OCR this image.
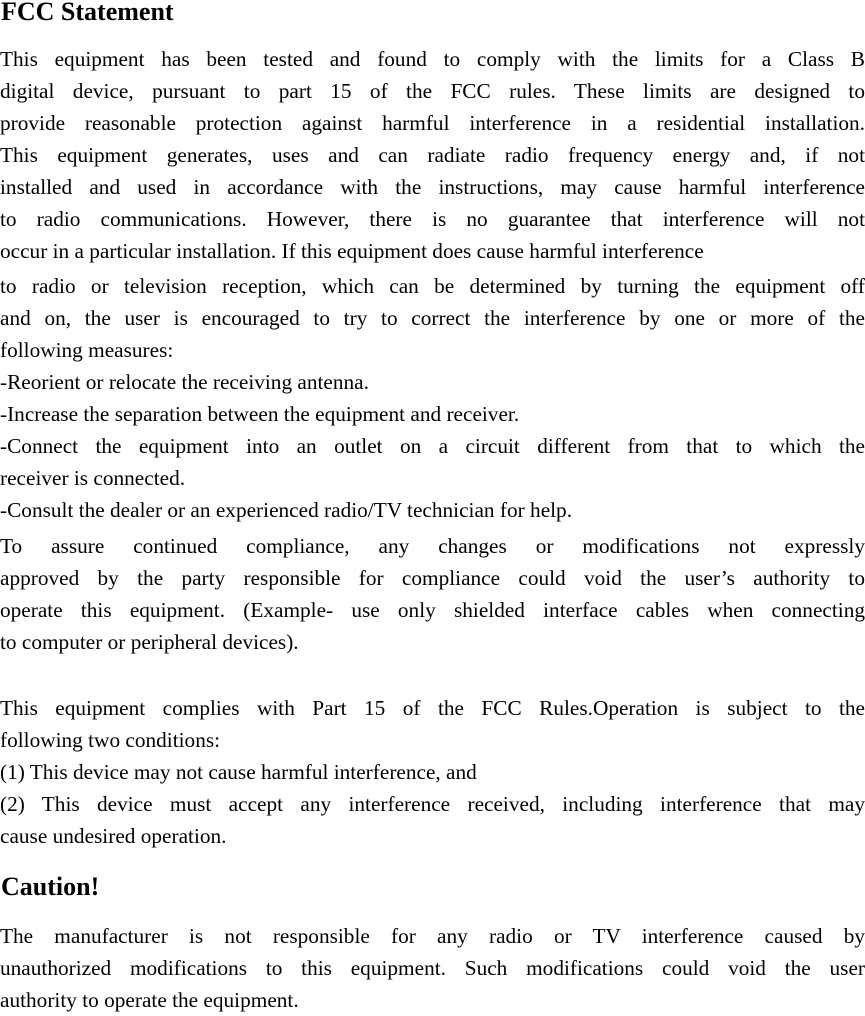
FCC Statement
This equipment has been tested and found to comply with the limits for a Class B
digital device, pursuant to part 15 of the FCC rules. These limits are designed to
provide reasonable protection against harmful interference in a residential installation.
This equipment generates, uses and can radiate radio frequency energy and, if not
installed and used in accordance with the instructions, may cause harmful interference
to radio communications. However, there is no guarantee that interference will not
occur in a particular installation. If this equipment does cause harmful interference
to radio or television reception, which can be determined by turning the equipment off
and on, the user is encouraged to try to correct the interference by one or more of the
following measures:
-Reorient or relocate the receiving antenna.
-Increase the separation between the equipment and receiver.
-Connect the equipment into an outlet on a circuit different from that to which the
receiver is connected.
-Consult the dealer or an experienced radio/TV technician for help.
To assure continued compliance, any changes or modifications not expressly
approved by the party responsible for compliance could void the user’s authority to
operate this equipment. (Example- use only shielded interface cables when connecting
to computer or peripheral devices).
This equipment complies with Part 15 of the FCC Rules.Operation is subject to the
following two conditions:
(1) This device may not cause harmful interference, and
(2) This device must accept any interference received, including interference that may
cause undesired operation.
Caution!
The manufacturer is not responsible for any radio or TV interference caused by
unauthorized modifications to this equipment. Such modifications could void the user
authority to operate the equipment.
